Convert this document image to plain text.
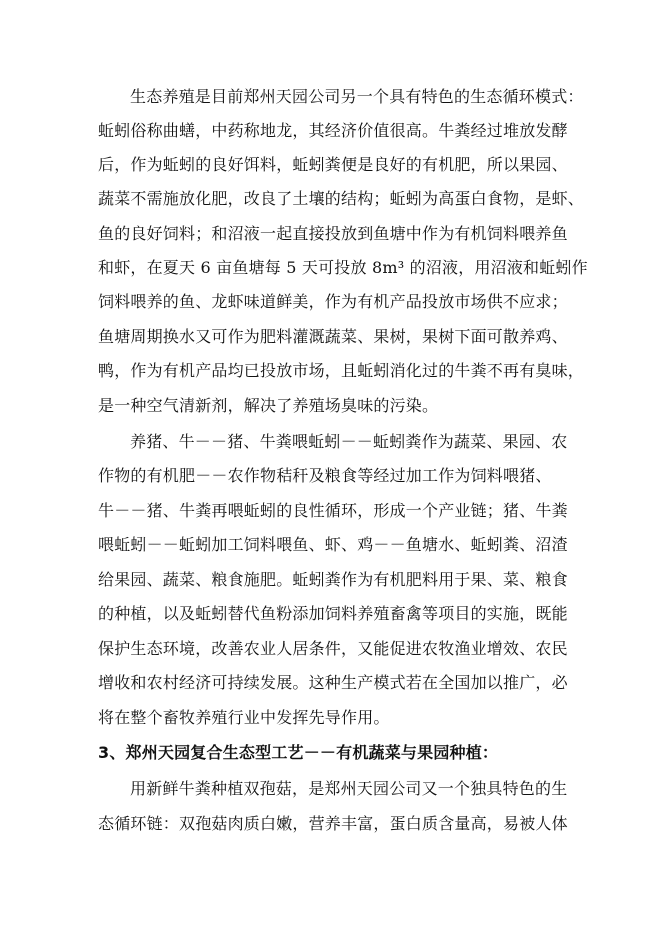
生态养殖是目前郑州天园公司另一个具有特色的生态循环模式：
蚯蚓俗称曲蟮，中药称地龙，其经济价值很高。牛粪经过堆放发酵
后，作为蚯蚓的良好饵料，蚯蚓粪便是良好的有机肥，所以果园、
蔬菜不需施放化肥，改良了土壤的结构；蚯蚓为高蛋白食物，是虾、
鱼的良好饲料；和沼液一起直接投放到鱼塘中作为有机饲料喂养鱼
和虾，在夏天 6 亩鱼塘每 5 天可投放 8m³ 的沼液，用沼液和蚯蚓作
饲料喂养的鱼、龙虾味道鲜美，作为有机产品投放市场供不应求；
鱼塘周期换水又可作为肥料灌溉蔬菜、果树，果树下面可散养鸡、
鸭，作为有机产品均已投放市场，且蚯蚓消化过的牛粪不再有臭味，
是一种空气清新剂，解决了养殖场臭味的污染。
养猪、牛－－猪、牛粪喂蚯蚓－－蚯蚓粪作为蔬菜、果园、农
作物的有机肥－－农作物秸秆及粮食等经过加工作为饲料喂猪、
牛－－猪、牛粪再喂蚯蚓的良性循环，形成一个产业链；猪、牛粪
喂蚯蚓－－蚯蚓加工饲料喂鱼、虾、鸡－－鱼塘水、蚯蚓粪、沼渣
给果园、蔬菜、粮食施肥。蚯蚓粪作为有机肥料用于果、菜、粮食
的种植，以及蚯蚓替代鱼粉添加饲料养殖畜禽等项目的实施，既能
保护生态环境，改善农业人居条件，又能促进农牧渔业增效、农民
增收和农村经济可持续发展。这种生产模式若在全国加以推广，必
将在整个畜牧养殖行业中发挥先导作用。
3、郑州天园复合生态型工艺－－有机蔬菜与果园种植：
用新鲜牛粪种植双孢菇，是郑州天园公司又一个独具特色的生
态循环链：双孢菇肉质白嫩，营养丰富，蛋白质含量高，易被人体
